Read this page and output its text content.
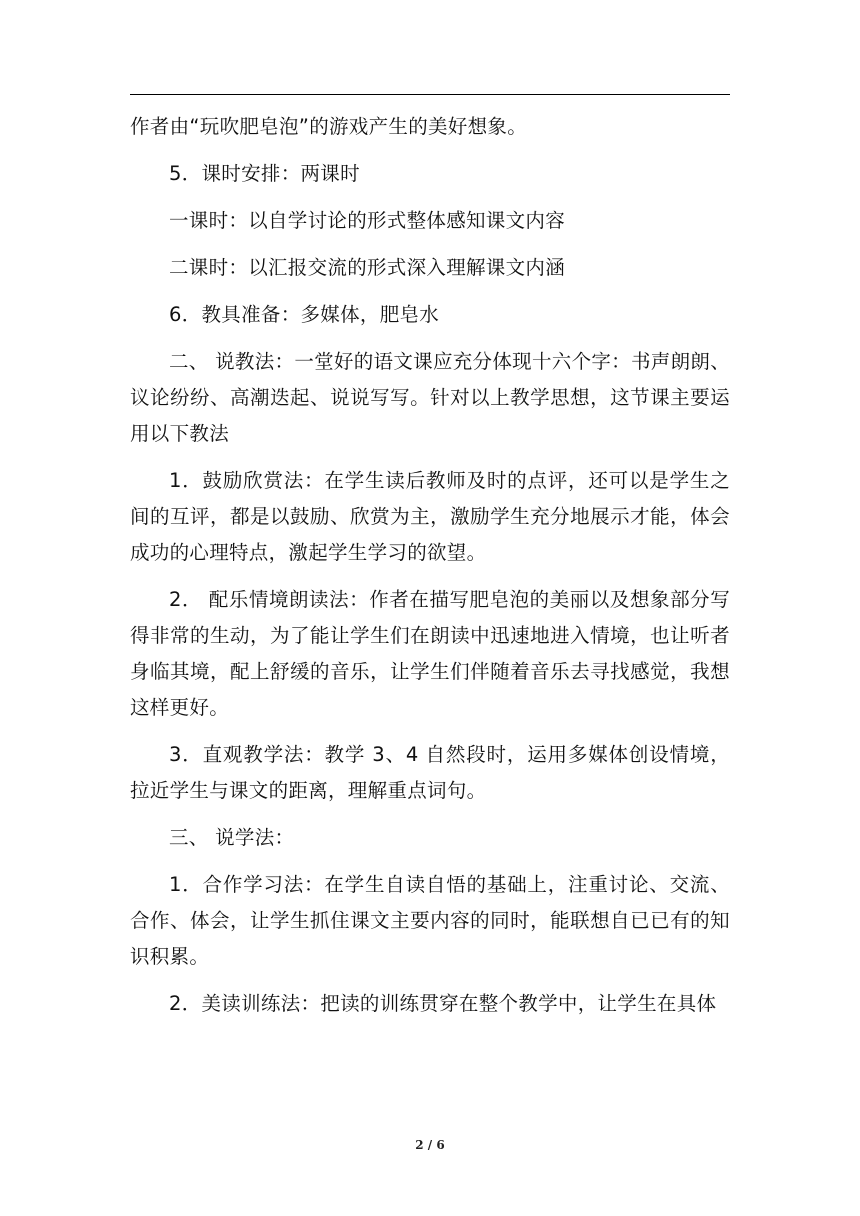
作者由“玩吹肥皂泡”的游戏产生的美好想象。

5．课时安排：两课时

一课时：以自学讨论的形式整体感知课文内容

二课时：以汇报交流的形式深入理解课文内涵

6．教具准备：多媒体，肥皂水

二、 说教法：一堂好的语文课应充分体现十六个字：书声朗朗、议论纷纷、高潮迭起、说说写写。针对以上教学思想，这节课主要运用以下教法

1．鼓励欣赏法：在学生读后教师及时的点评，还可以是学生之间的互评，都是以鼓励、欣赏为主，激励学生充分地展示才能，体会成功的心理特点，激起学生学习的欲望。

2． 配乐情境朗读法：作者在描写肥皂泡的美丽以及想象部分写得非常的生动，为了能让学生们在朗读中迅速地进入情境，也让听者身临其境，配上舒缓的音乐，让学生们伴随着音乐去寻找感觉，我想这样更好。

3．直观教学法：教学 3、4 自然段时，运用多媒体创设情境，拉近学生与课文的距离，理解重点词句。

三、 说学法：

1．合作学习法：在学生自读自悟的基础上，注重讨论、交流、合作、体会，让学生抓住课文主要内容的同时，能联想自已已有的知识积累。

2．美读训练法：把读的训练贯穿在整个教学中，让学生在具体

2 / 6
